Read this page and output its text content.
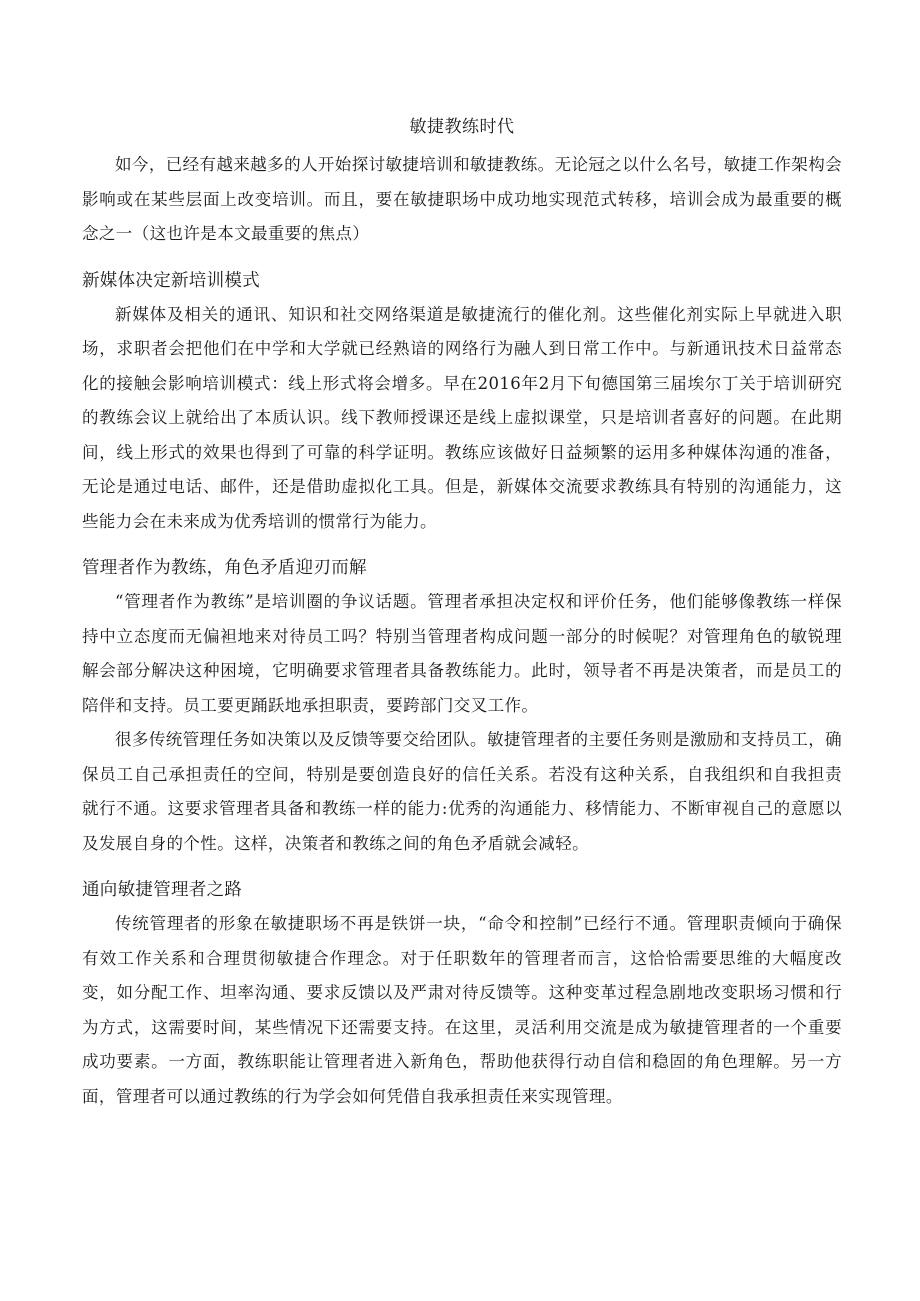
敏捷教练时代

如今，已经有越来越多的人开始探讨敏捷培训和敏捷教练。无论冠之以什么名号，敏捷工作架构会影响或在某些层面上改变培训。而且，要在敏捷职场中成功地实现范式转移，培训会成为最重要的概念之一（这也许是本文最重要的焦点）

新媒体决定新培训模式

新媒体及相关的通讯、知识和社交网络渠道是敏捷流行的催化剂。这些催化剂实际上早就进入职场，求职者会把他们在中学和大学就已经熟谙的网络行为融人到日常工作中。与新通讯技术日益常态化的接触会影响培训模式：线上形式将会增多。早在2016年2月下旬德国第三届埃尔丁关于培训研究的教练会议上就给出了本质认识。线下教师授课还是线上虚拟课堂，只是培训者喜好的问题。在此期间，线上形式的效果也得到了可靠的科学证明。教练应该做好日益频繁的运用多种媒体沟通的准备，无论是通过电话、邮件，还是借助虚拟化工具。但是，新媒体交流要求教练具有特别的沟通能力，这些能力会在未来成为优秀培训的惯常行为能力。

管理者作为教练，角色矛盾迎刃而解

“管理者作为教练”是培训圈的争议话题。管理者承担决定权和评价任务，他们能够像教练一样保持中立态度而无偏袒地来对待员工吗？特别当管理者构成问题一部分的时候呢？对管理角色的敏锐理解会部分解决这种困境，它明确要求管理者具备教练能力。此时，领导者不再是决策者，而是员工的陪伴和支持。员工要更踊跃地承担职责，要跨部门交叉工作。

很多传统管理任务如决策以及反馈等要交给团队。敏捷管理者的主要任务则是激励和支持员工，确保员工自己承担责任的空间，特别是要创造良好的信任关系。若没有这种关系，自我组织和自我担责就行不通。这要求管理者具备和教练一样的能力:优秀的沟通能力、移情能力、不断审视自己的意愿以及发展自身的个性。这样，决策者和教练之间的角色矛盾就会减轻。

通向敏捷管理者之路

传统管理者的形象在敏捷职场不再是铁饼一块，“命令和控制”已经行不通。管理职责倾向于确保有效工作关系和合理贯彻敏捷合作理念。对于任职数年的管理者而言，这恰恰需要思维的大幅度改变，如分配工作、坦率沟通、要求反馈以及严肃对待反馈等。这种变革过程急剧地改变职场习惯和行为方式，这需要时间，某些情况下还需要支持。在这里，灵活利用交流是成为敏捷管理者的一个重要成功要素。一方面，教练职能让管理者进入新角色，帮助他获得行动自信和稳固的角色理解。另一方面，管理者可以通过教练的行为学会如何凭借自我承担责任来实现管理。
